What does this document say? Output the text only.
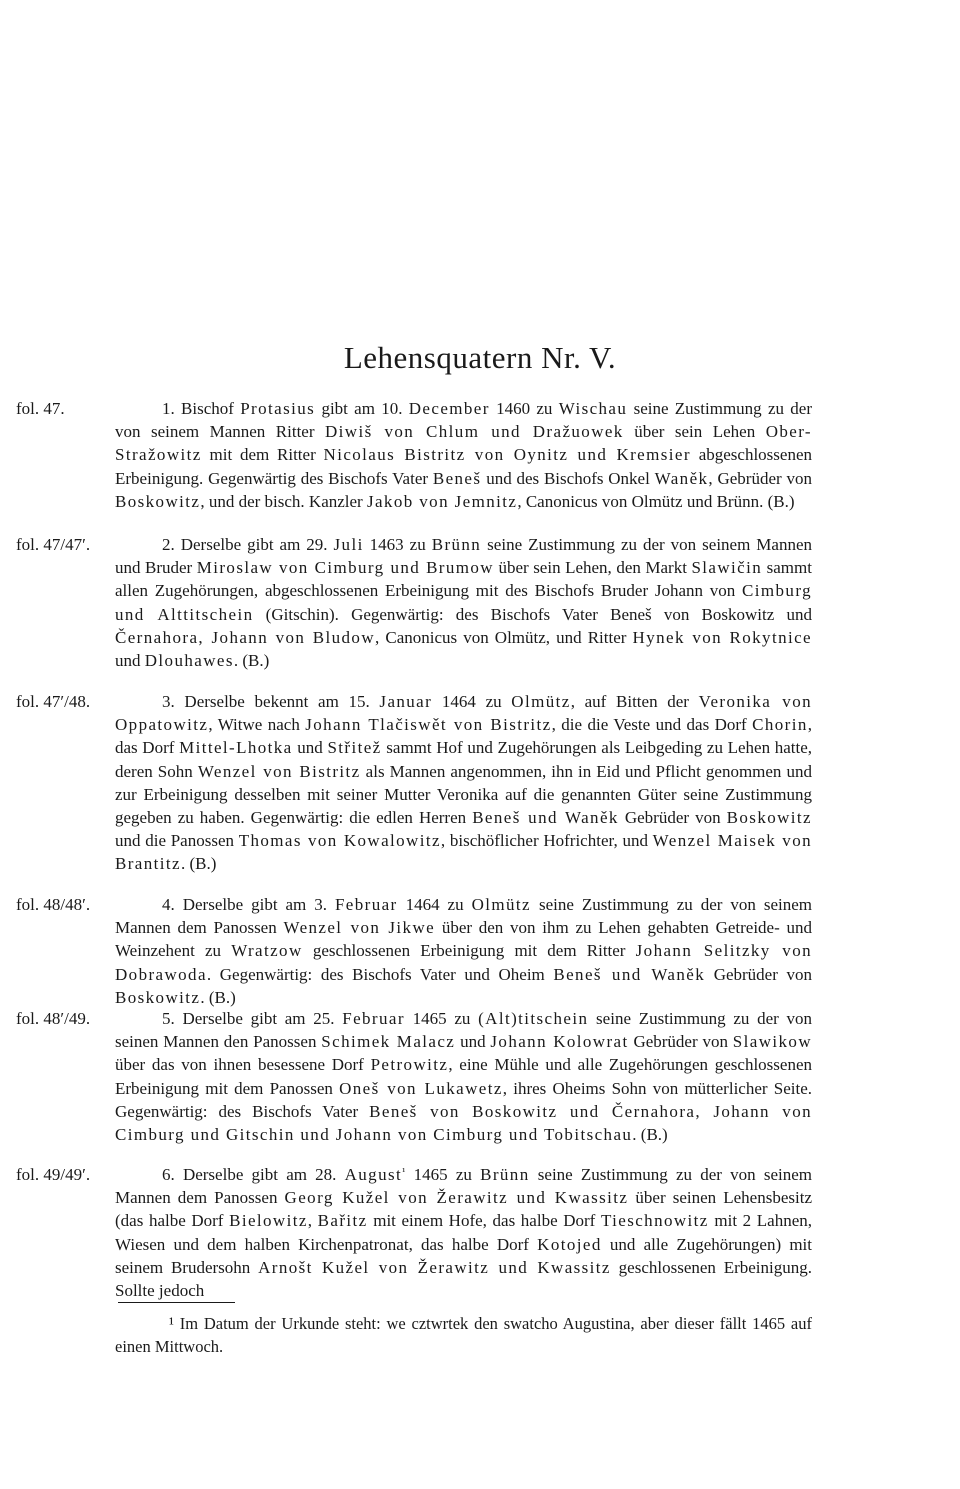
Lehensquatern Nr. V.
fol. 47.
fol. 47/47′.
fol. 47′/48.
fol. 48/48′.
fol. 48′/49.
fol. 49/49′.

1. Bischof Protasius gibt am 10. December 1460 zu Wischau seine Zustimmung zu der von seinem Mannen Ritter Diwiš von Chlum und Dražuowek über sein Lehen Ober-Stražowitz mit dem Ritter Nicolaus Bistritz von Oynitz und Kremsier abgeschlossenen Erbeinigung. Gegenwärtig des Bischofs Vater Beneš und des Bischofs Onkel Waněk, Gebrüder von Boskowitz, und der bisch. Kanzler Jakob von Jemnitz, Canonicus von Olmütz und Brünn. (B.)

2. Derselbe gibt am 29. Juli 1463 zu Brünn seine Zustimmung zu der von seinem Mannen und Bruder Miroslaw von Cimburg und Brumow über sein Lehen, den Markt Slawičin sammt allen Zugehörungen, abgeschlossenen Erbeinigung mit des Bischofs Bruder Johann von Cimburg und Alttitschein (Gitschin). Gegenwärtig: des Bischofs Vater Beneš von Boskowitz und Černahora, Johann von Bludow, Canonicus von Olmütz, und Ritter Hynek von Rokytnice und Dlouhawes. (B.)

3. Derselbe bekennt am 15. Januar 1464 zu Olmütz, auf Bitten der Veronika von Oppatowitz, Witwe nach Johann Tlačiswět von Bistritz, die die Veste und das Dorf Chorin, das Dorf Mittel-Lhotka und Střitež sammt Hof und Zugehörungen als Leibgeding zu Lehen hatte, deren Sohn Wenzel von Bistritz als Mannen angenommen, ihn in Eid und Pflicht genommen und zur Erbeinigung desselben mit seiner Mutter Veronika auf die genannten Güter seine Zustimmung gegeben zu haben. Gegenwärtig: die edlen Herren Beneš und Waněk Gebrüder von Boskowitz und die Panossen Thomas von Kowalowitz, bischöflicher Hofrichter, und Wenzel Maisek von Brantitz. (B.)

4. Derselbe gibt am 3. Februar 1464 zu Olmütz seine Zustimmung zu der von seinem Mannen dem Panossen Wenzel von Jikwe über den von ihm zu Lehen gehabten Getreide- und Weinzehent zu Wratzow geschlossenen Erbeinigung mit dem Ritter Johann Selitzky von Dobrawoda. Gegenwärtig: des Bischofs Vater und Oheim Beneš und Waněk Gebrüder von Boskowitz. (B.)

5. Derselbe gibt am 25. Februar 1465 zu (Alt)titschein seine Zustimmung zu der von seinen Mannen den Panossen Schimek Malacz und Johann Kolowrat Gebrüder von Slawikow über das von ihnen besessene Dorf Petrowitz, eine Mühle und alle Zugehörungen geschlossenen Erbeinigung mit dem Panossen Oneš von Lukawetz, ihres Oheims Sohn von mütterlicher Seite. Gegenwärtig: des Bischofs Vater Beneš von Boskowitz und Černahora, Johann von Cimburg und Gitschin und Johann von Cimburg und Tobitschau. (B.)

6. Derselbe gibt am 28. August$^{^1}$ 1465 zu Brünn seine Zustimmung zu der von seinem Mannen dem Panossen Georg Kužel von Žerawitz und Kwassitz über seinen Lehensbesitz (das halbe Dorf Bielowitz, Bařitz mit einem Hofe, das halbe Dorf Tieschnowitz mit 2 Lahnen, Wiesen und dem halben Kirchenpatronat, das halbe Dorf Kotojed und alle Zugehörungen) mit seinem Brudersohn Arnošt Kužel von Žerawitz und Kwassitz geschlossenen Erbeinigung. Sollte jedoch

¹ Im Datum der Urkunde steht: we cztwrtek den swatcho Augustina, aber dieser fällt 1465 auf einen Mittwoch.
